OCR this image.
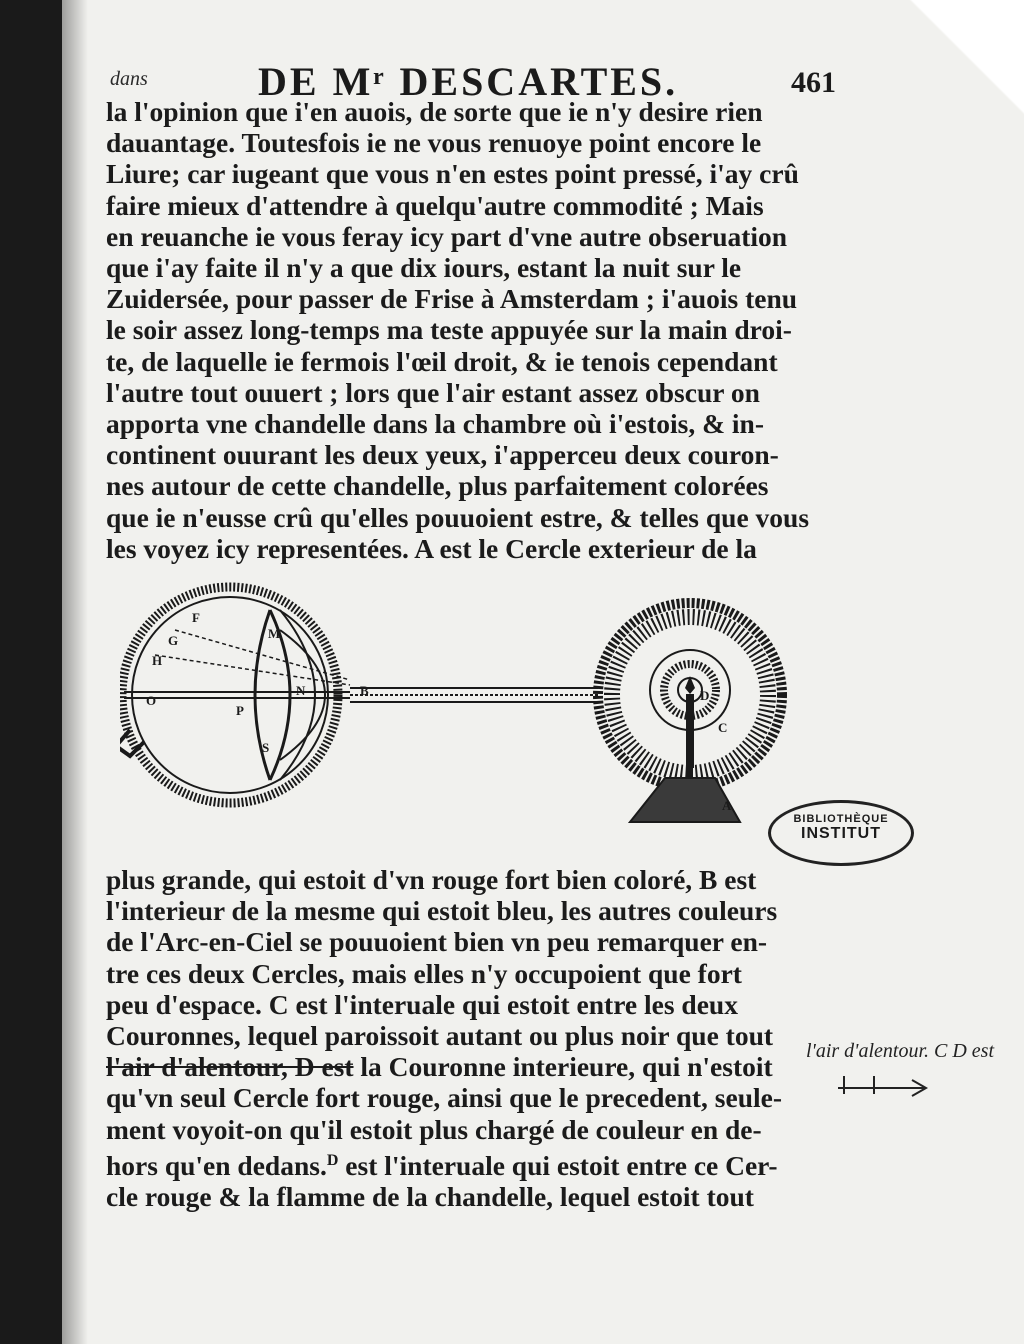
dans	DE Mʳ DESCARTES.	461

la l'opinion que i'en auois, de sorte que ie n'y desire rien

dauantage. Toutesfois ie ne vous renuoye point encore le

Liure; car iugeant que vous n'en estes point pressé, i'ay crû

faire mieux d'attendre à quelqu'autre commodité ; Mais

en reuanche ie vous feray icy part d'vne autre obseruation

que i'ay faite il n'y a que dix iours, estant la nuit sur le

Zuidersée, pour passer de Frise à Amsterdam ; i'auois tenu

le soir assez long-temps ma teste appuyée sur la main droi-

te, de laquelle ie fermois l'œil droit, & ie tenois cependant

l'autre tout ouuert ; lors que l'air estant assez obscur on

apporta vne chandelle dans la chambre où i'estois, & in-

continent ouurant les deux yeux, i'apperceu deux couron-

nes autour de cette chandelle, plus parfaitement colorées

que ie n'eusse crû qu'elles pouuoient estre, & telles que vous

les voyez icy representées. A est le Cercle exterieur de la

F
G
H
O
P
M
N
S
B	D
C
A
BIBLIOTHÈQUE
INSTITUT

plus grande, qui estoit d'vn rouge fort bien coloré, B est

l'interieur de la mesme qui estoit bleu, les autres couleurs

de l'Arc-en-Ciel se pouuoient bien vn peu remarquer en-

tre ces deux Cercles, mais elles n'y occupoient que fort

peu d'espace. C est l'interuale qui estoit entre les deux

Couronnes, lequel paroissoit autant ou plus noir que tout

l'air d'alentour, D est la Couronne interieure, qui n'estoit

qu'vn seul Cercle fort rouge, ainsi que le precedent, seule-

ment voyoit-on qu'il estoit plus chargé de couleur en de-

hors qu'en dedans.$^D$ est l'interuale qui estoit entre ce Cer-

cle rouge & la flamme de la chandelle, lequel estoit tout

l'air d'alentour. C D est
